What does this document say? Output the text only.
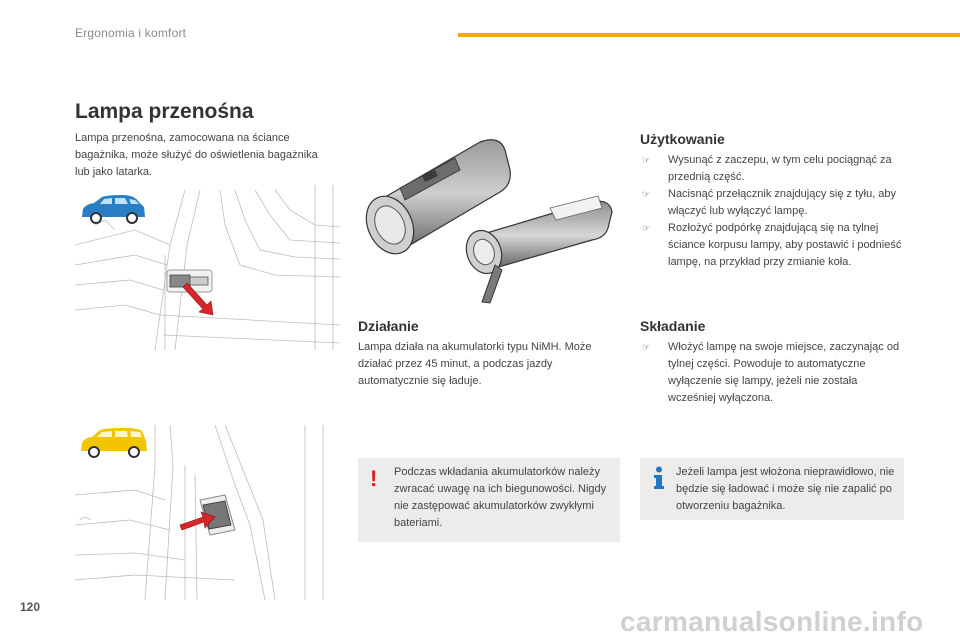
Ergonomia i komfort
Lampa przenośna
Lampa przenośna, zamocowana na ściance bagażnika, może służyć do oświetlenia bagażnika lub jako latarka.
Użytkowanie
☞ Wysunąć z zaczepu, w tym celu pociągnąć za przednią część.
☞ Nacisnąć przełącznik znajdujący się z tyłu, aby włączyć lub wyłączyć lampę.
☞ Rozłożyć podpórkę znajdującą się na tylnej ściance korpusu lampy, aby postawić i podnieść lampę, na przykład przy zmianie koła.
Działanie
Lampa działa na akumulatorki typu NiMH. Może działać przez 45 minut, a podczas jazdy automatycznie się ładuje.
Składanie
☞ Włożyć lampę na swoje miejsce, zaczynając od tylnej części. Powoduje to automatyczne wyłączenie się lampy, jeżeli nie została wcześniej wyłączona.
! Podczas wkładania akumulatorków należy zwracać uwagę na ich biegunowości. Nigdy nie zastępować akumulatorków zwykłymi bateriami.
Jeżeli lampa jest włożona nieprawidłowo, nie będzie się ładować i może się nie zapalić po otworzeniu bagażnika.
120	carmanualsonline.info
